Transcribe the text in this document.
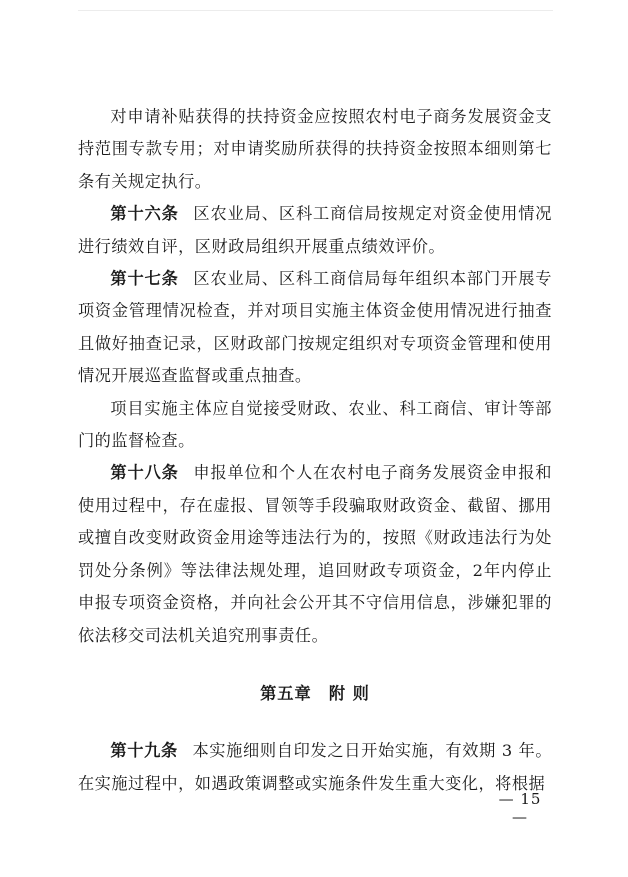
对申请补贴获得的扶持资金应按照农村电子商务发展资金支持范围专款专用；对申请奖励所获得的扶持资金按照本细则第七条有关规定执行。

第十六条 区农业局、区科工商信局按规定对资金使用情况进行绩效自评，区财政局组织开展重点绩效评价。

第十七条 区农业局、区科工商信局每年组织本部门开展专项资金管理情况检查，并对项目实施主体资金使用情况进行抽查且做好抽查记录，区财政部门按规定组织对专项资金管理和使用情况开展巡查监督或重点抽查。

项目实施主体应自觉接受财政、农业、科工商信、审计等部门的监督检查。

第十八条 申报单位和个人在农村电子商务发展资金申报和使用过程中，存在虚报、冒领等手段骗取财政资金、截留、挪用或擅自改变财政资金用途等违法行为的，按照《财政违法行为处罚处分条例》等法律法规处理，追回财政专项资金，2年内停止申报专项资金资格，并向社会公开其不守信用信息，涉嫌犯罪的依法移交司法机关追究刑事责任。

第五章　附 则

第十九条 本实施细则自印发之日开始实施，有效期 3 年。在实施过程中，如遇政策调整或实施条件发生重大变化，将根据

— 15 —
